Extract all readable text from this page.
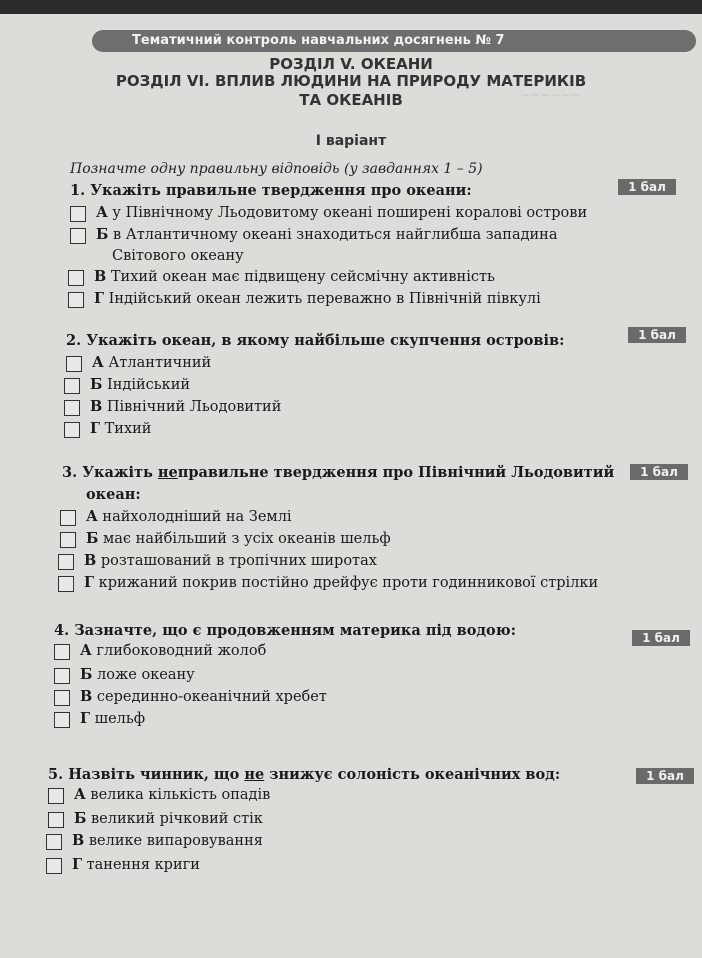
~~~~~~
Тематичний контроль навчальних досягнень № 7
РОЗДІЛ V. ОКЕАНИ
РОЗДІЛ VI. ВПЛИВ ЛЮДИНИ НА ПРИРОДУ МАТЕРИКІВ
ТА ОКЕАНІВ
I варіант
Позначте одну правильну відповідь (у завданнях 1 – 5)
1. Укажіть правильне твердження про океани:	1 бал
А у Північному Льодовитому океані поширені коралові острови
Б в Атлантичному океані знаходиться найглибша западина
Світового океану
В Тихий океан має підвищену сейсмічну активність
Г Індійський океан лежить переважно в Північній півкулі
2. Укажіть океан, в якому найбільше скупчення островів:	1 бал
А Атлантичний
Б Індійський
В Північний Льодовитий
Г Тихий
3. Укажіть неправильне твердження про Північний Льодовитий
океан:
1 бал
А найхолодніший на Землі
Б має найбільший з усіх океанів шельф
В розташований в тропічних широтах
Г крижаний покрив постійно дрейфує проти годинникової стрілки
4. Зазначте, що є продовженням материка під водою:	1 бал
А глибоководний жолоб
Б ложе океану
В серединно-океанічний хребет
Г шельф
5. Назвіть чинник, що не знижує солоність океанічних вод:	1 бал
А велика кількість опадів
Б великий річковий стік
В велике випаровування
Г танення криги
